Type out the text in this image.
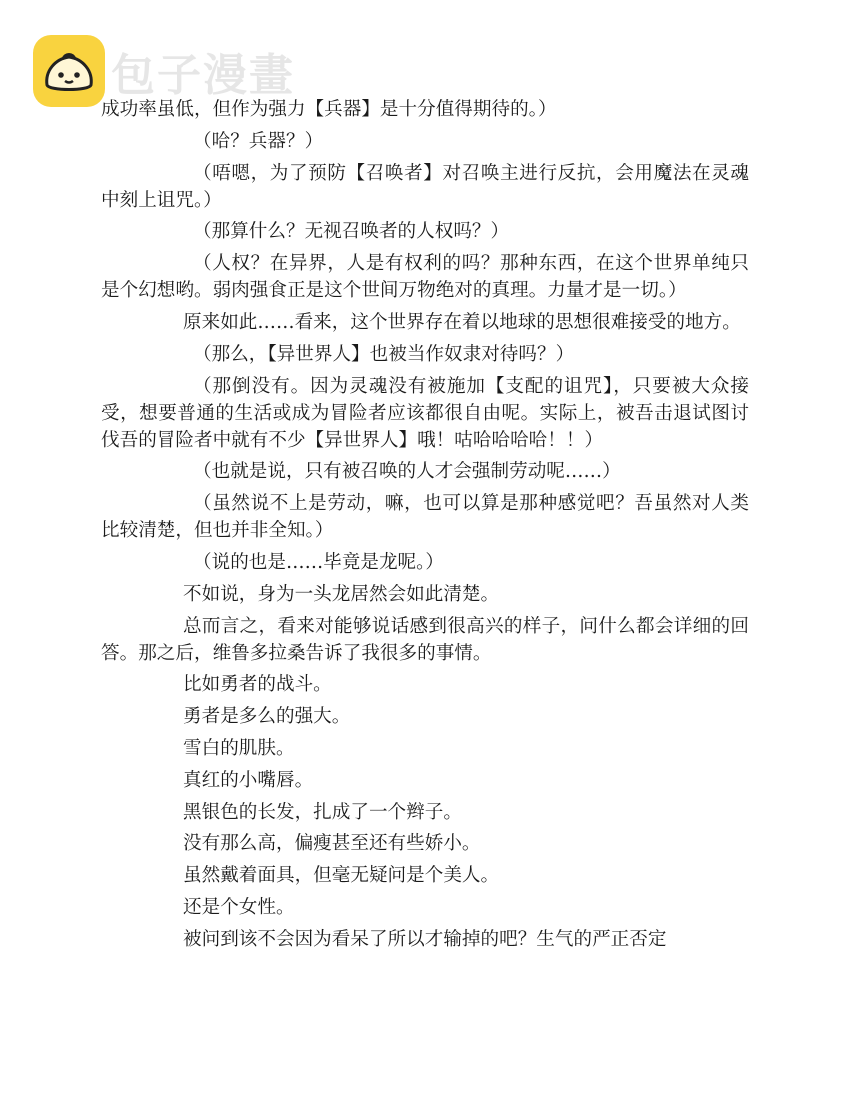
包子漫畫

成功率虽低，但作为强力【兵器】是十分值得期待的。）

（哈？兵器？）

（唔嗯，为了预防【召唤者】对召唤主进行反抗，会用魔法在灵魂中刻上诅咒。）

（那算什么？无视召唤者的人权吗？）

（人权？在异界，人是有权利的吗？那种东西，在这个世界单纯只是个幻想哟。弱肉强食正是这个世间万物绝对的真理。力量才是一切。）

原来如此……看来，这个世界存在着以地球的思想很难接受的地方。

（那么，【异世界人】也被当作奴隶对待吗？）

（那倒没有。因为灵魂没有被施加【支配的诅咒】，只要被大众接受，想要普通的生活或成为冒险者应该都很自由呢。实际上，被吾击退试图讨伐吾的冒险者中就有不少【异世界人】哦！咕哈哈哈哈！！）

（也就是说，只有被召唤的人才会强制劳动呢……）

（虽然说不上是劳动，嘛，也可以算是那种感觉吧？吾虽然对人类比较清楚，但也并非全知。）

（说的也是……毕竟是龙呢。）

不如说，身为一头龙居然会如此清楚。

总而言之，看来对能够说话感到很高兴的样子，问什么都会详细的回答。那之后，维鲁多拉桑告诉了我很多的事情。

比如勇者的战斗。

勇者是多么的强大。

雪白的肌肤。

真红的小嘴唇。

黑银色的长发，扎成了一个辫子。

没有那么高，偏瘦甚至还有些娇小。

虽然戴着面具，但毫无疑问是个美人。

还是个女性。

被问到该不会因为看呆了所以才输掉的吧？生气的严正否定
